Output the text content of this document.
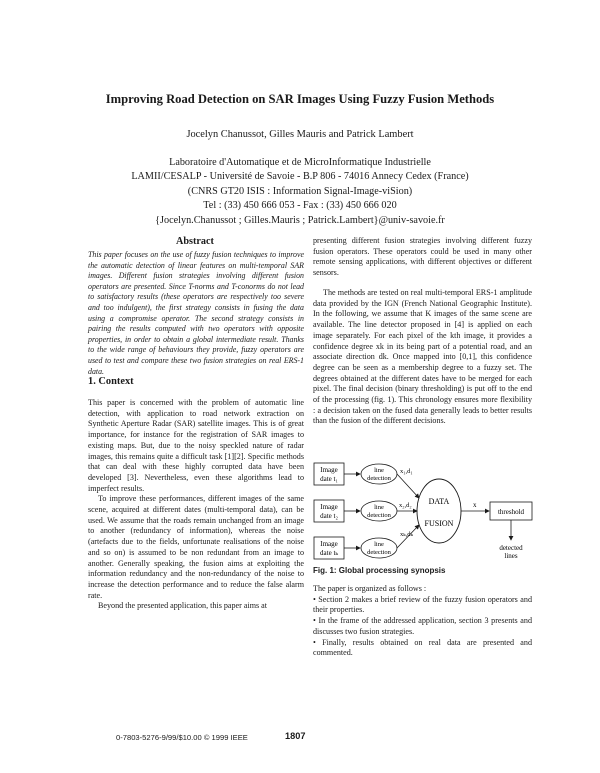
Improving Road Detection on SAR Images Using Fuzzy Fusion Methods
Jocelyn Chanussot, Gilles Mauris and Patrick Lambert
Laboratoire d'Automatique et de MicroInformatique Industrielle
LAMII/CESALP - Université de Savoie - B.P 806 - 74016 Annecy Cedex (France)
(CNRS GT20 ISIS : Information Signal-Image-viSion)
Tel : (33) 450 666 053 - Fax : (33) 450 666 020
{Jocelyn.Chanussot ; Gilles.Mauris ; Patrick.Lambert}@univ-savoie.fr
Abstract
This paper focuses on the use of fuzzy fusion techniques to improve the automatic detection of linear features on multi-temporal SAR images. Different fusion strategies involving different fusion operators are presented. Since T-norms and T-conorms do not lead to satisfactory results (these operators are respectively too severe and too indulgent), the first strategy consists in fusing the data using a compromise operator. The second strategy consists in pairing the results computed with two operators with opposite properties, in order to obtain a global intermediate result. Thanks to the wide range of behaviours they provide, fuzzy operators are used to test and compare these two fusion strategies on real ERS-1 data.
1. Context

This paper is concerned with the problem of automatic line detection, with application to road network extraction on Synthetic Aperture Radar (SAR) satellite images. This is of great importance, for instance for the registration of SAR images to existing maps. But, due to the noisy speckled nature of radar images, this remains quite a difficult task [1][2]. Specific methods that can deal with these highly corrupted data have been developed [3]. Nevertheless, even these algorithms lead to imperfect results.

To improve these performances, different images of the same scene, acquired at different dates (multi-temporal data), can be used. We assume that the roads remain unchanged from an image to another (redundancy of information), whereas the noise (artefacts due to the fields, unfortunate realisations of the noise and so on) is assumed to be non redundant from an image to another. Generally speaking, the fusion aims at exploiting the information redundancy and the non-redundancy of the noise to increase the detection performance and to reduce the false alarm rate.

Beyond the presented application, this paper aims at

presenting different fusion strategies involving different fuzzy fusion operators. These operators could be used in many other remote sensing applications, with different objectives or different sensors.

The methods are tested on real multi-temporal ERS-1 amplitude data provided by the IGN (French National Geographic Institute). In the following, we assume that K images of the same scene are available. The line detector proposed in [4] is applied on each image separately. For each pixel of the kth image, it provides a confidence degree xk in its being part of a potential road, and an associate direction dk. Once mapped into [0,1], this confidence degree can be seen as a membership degree to a fuzzy set. The degrees obtained at the different dates have to be merged for each pixel. The final decision (binary thresholding) is put off to the end of the processing (fig. 1). This chronology ensures more flexibility : a decision taken on the fused data generally leads to better results than the fusion of the different decisions.

Image
date t₁
Image
date t₂
Image
date tₖ
line
detection
line
detection
line
detection
x₁,d₁
x₂,d₂
xₖ,dₖ
DATA
FUSION
x
threshold
detected
lines
Fig. 1: Global processing synopsis

The paper is organized as follows :

• Section 2 makes a brief review of the fuzzy fusion operators and their properties.

• In the frame of the addressed application, section 3 presents and discusses two fusion strategies.

• Finally, results obtained on real data are presented and commented.

0-7803-5276-9/99/$10.00 © 1999 IEEE	1807
